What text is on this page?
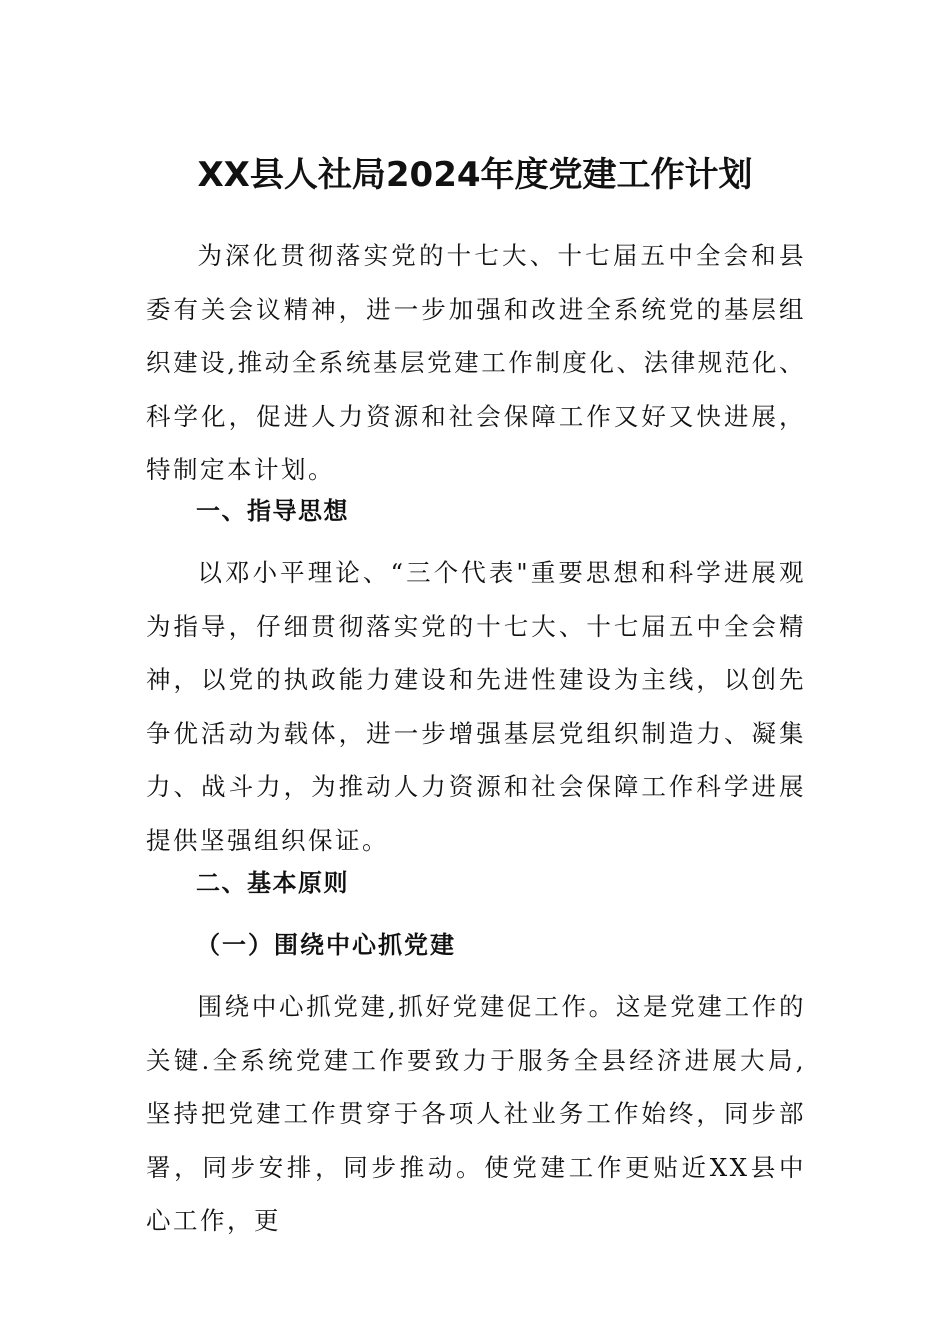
XX县人社局2024年度党建工作计划

为深化贯彻落实党的十七大、十七届五中全会和县委有关会议精神，进一步加强和改进全系统党的基层组织建设,推动全系统基层党建工作制度化、法律规范化、科学化，促进人力资源和社会保障工作又好又快进展，特制定本计划。

一、指导思想

以邓小平理论、“三个代表"重要思想和科学进展观为指导，仔细贯彻落实党的十七大、十七届五中全会精神，以党的执政能力建设和先进性建设为主线，以创先争优活动为载体，进一步增强基层党组织制造力、凝集力、战斗力，为推动人力资源和社会保障工作科学进展提供坚强组织保证。

二、基本原则
（一）围绕中心抓党建

围绕中心抓党建,抓好党建促工作。这是党建工作的关键.全系统党建工作要致力于服务全县经济进展大局,坚持把党建工作贯穿于各项人社业务工作始终，同步部署，同步安排，同步推动。使党建工作更贴近XX县中心工作，更
